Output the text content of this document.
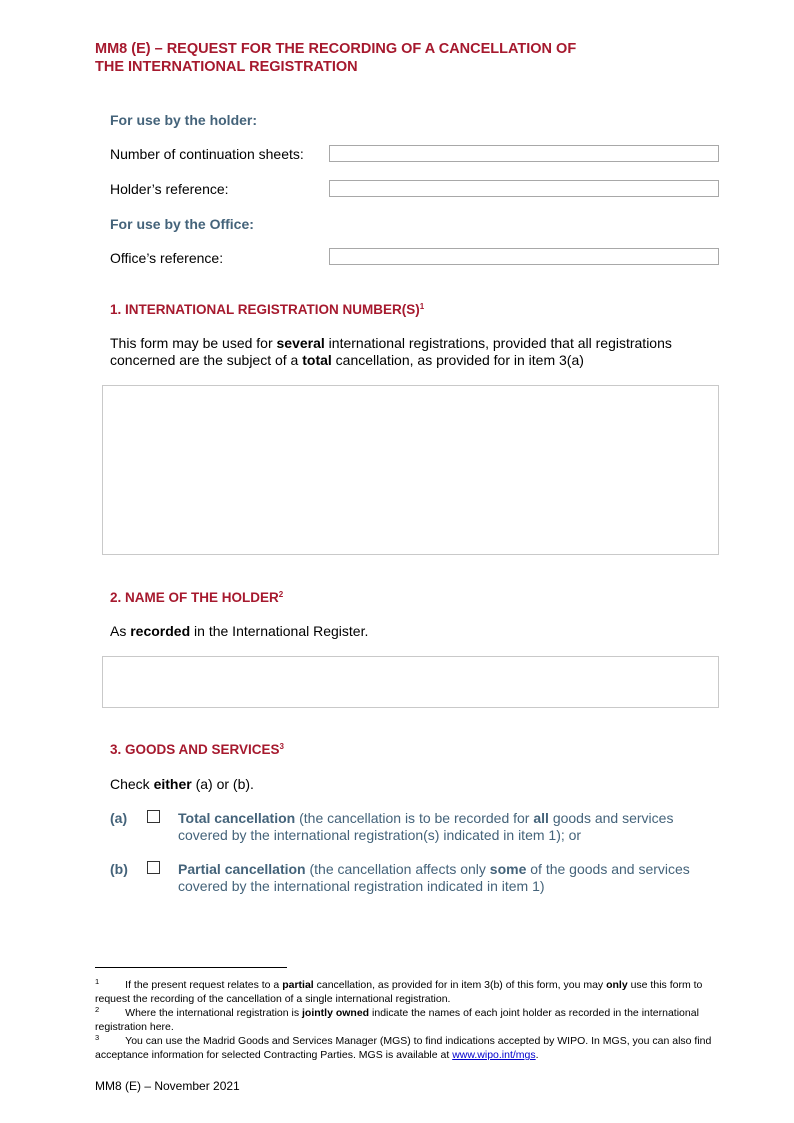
MM8 (E) – REQUEST FOR THE RECORDING OF A CANCELLATION OF
THE INTERNATIONAL REGISTRATION
For use by the holder:
Number of continuation sheets:
Holder’s reference:
For use by the Office:
Office’s reference:
1. INTERNATIONAL REGISTRATION $NUMBER(S)^1$

This form may be used for several international registrations, provided that all registrations concerned are the subject of a total cancellation, as provided for in item 3(a)

2. NAME OF THE HOLDER$^2$

As recorded in the International Register.

3. GOODS AND SERVICES$^3$

Check either (a) or (b).

(a)	Total cancellation (the cancellation is to be recorded for all goods and services covered by the international registration(s) indicated in item 1); or

(b)	Partial cancellation (the cancellation affects only some of the goods and services covered by the international registration indicated in item 1)

$^1$ If the present request relates to a partial cancellation, as provided for in item 3(b) of this form, you may only use this form to request the recording of the cancellation of a single international registration.

$^2$ Where the international registration is jointly owned indicate the names of each joint holder as recorded in the international registration here.

$^3$ You can use the Madrid Goods and Services Manager (MGS) to find indications accepted by WIPO. In MGS, you can also find acceptance information for selected Contracting Parties. MGS is available at www.wipo.int/mgs.

MM8 (E) – November 2021
